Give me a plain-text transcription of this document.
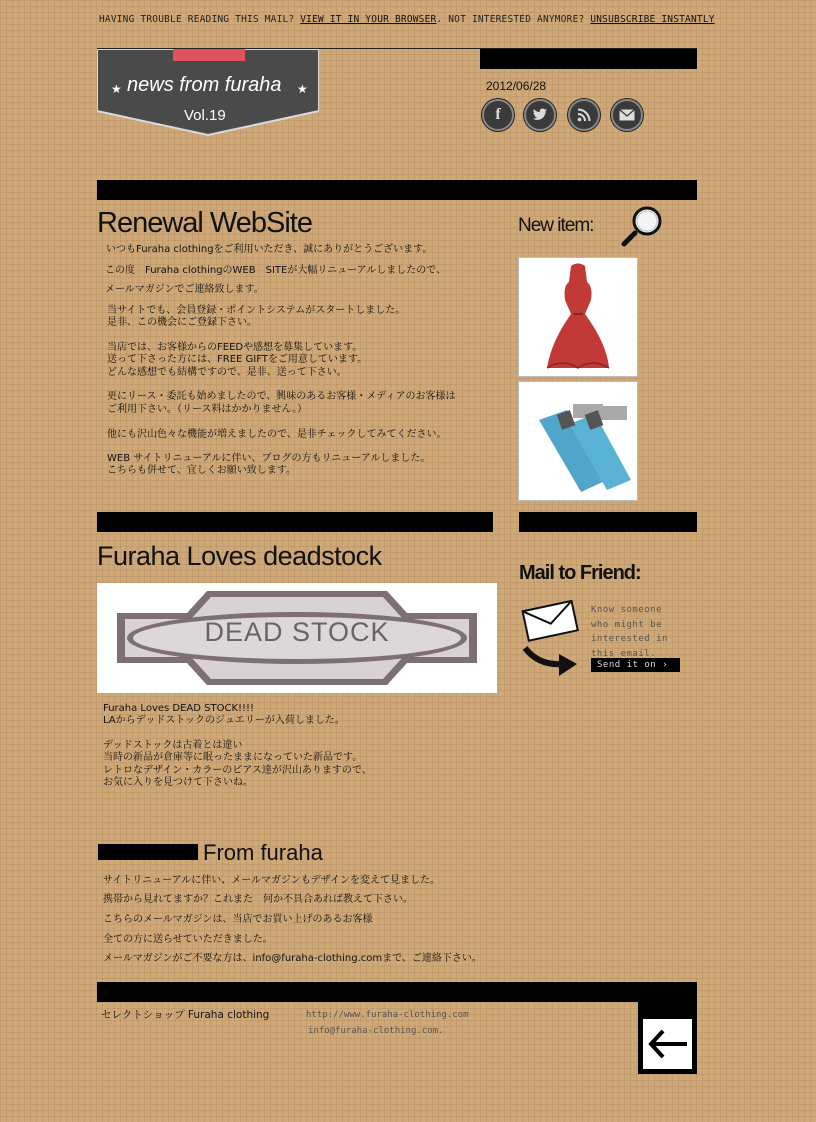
HAVING TROUBLE READING THIS MAIL? VIEW IT IN YOUR BROWSER. NOT INTERESTED ANYMORE? UNSUBSCRIBE INSTANTLY
★	★
news from furaha
Vol.19
2012/06/28
f
Renewal WebSite
いつもFuraha clothingをご利用いただき、誠にありがとうございます。
この度　Furaha clothingのWEB　SITEが大幅リニューアルしましたので、
メールマガジンでご連絡致します。
当サイトでも、会員登録・ポイントシステムがスタートしました。
是非、この機会にご登録下さい。
当店では、お客様からのFEEDや感想を募集しています。
送って下さった方には、FREE GIFTをご用意しています。
どんな感想でも結構ですので、是非、送って下さい。
更にリース・委託も始めましたので、興味のあるお客様・メディアのお客様は
ご利用下さい。（リース料はかかりません。）
他にも沢山色々な機能が増えましたので、是非チェックしてみてください。
WEB サイトリニューアルに伴い、ブログの方もリニューアルしました。
こちらも併せて、宜しくお願い致します。
New item:
Furaha Loves deadstock
DEAD STOCK
Furaha Loves DEAD STOCK!!!!
LAからデッドストックのジュエリーが入荷しました。
デッドストックは古着とは違い
当時の新品が倉庫等に眠ったままになっていた新品です。
レトロなデザイン・カラーのピアス達が沢山ありますので、
お気に入りを見つけて下さいね。
Mail to Friend:
Know someone
who might be
interested in
this email.
Send it on ›
From furaha
サイトリニューアルに伴い、メールマガジンもデザインを変えて見ました。
携帯から見れてますか？これまた　何か不具合あれば教えて下さい。
こちらのメールマガジンは、当店でお買い上げのあるお客様
全ての方に送らせていただきました。
メールマガジンがご不要な方は、info@furaha-clothing.comまで、ご連絡下さい。
セレクトショップ Furaha clothing	http://www.furaha-clothing.com
info@furaha-clothing.com.
